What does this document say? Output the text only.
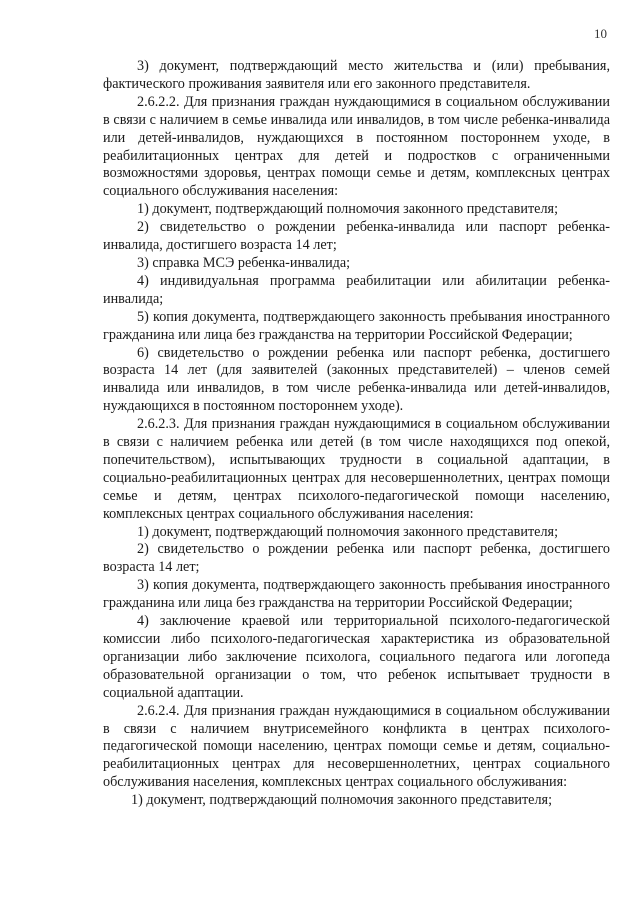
10

3) документ, подтверждающий место жительства и (или) пребывания, фактического проживания заявителя или его законного представителя.

2.6.2.2. Для признания граждан нуждающимися в социальном обслуживании в связи с наличием в семье инвалида или инвалидов, в том числе ребенка-инвалида или детей-инвалидов, нуждающихся в постоянном постороннем уходе, в реабилитационных центрах для детей и подростков с ограниченными возможностями здоровья, центрах помощи семье и детям, комплексных центрах социального обслуживания населения:

1) документ, подтверждающий полномочия законного представителя;

2) свидетельство о рождении ребенка-инвалида или паспорт ребенка-инвалида, достигшего возраста 14 лет;

3) справка МСЭ ребенка-инвалида;

4) индивидуальная программа реабилитации или абилитации ребенка-инвалида;

5) копия документа, подтверждающего законность пребывания иностранного гражданина или лица без гражданства на территории Российской Федерации;

6) свидетельство о рождении ребенка или паспорт ребенка, достигшего возраста 14 лет (для заявителей (законных представителей) – членов семей инвалида или инвалидов, в том числе ребенка-инвалида или детей-инвалидов, нуждающихся в постоянном постороннем уходе).

2.6.2.3. Для признания граждан нуждающимися в социальном обслуживании в связи с наличием ребенка или детей (в том числе находящихся под опекой, попечительством), испытывающих трудности в социальной адаптации, в социально-реабилитационных центрах для несовершеннолетних, центрах помощи семье и детям, центрах психолого-педагогической помощи населению, комплексных центрах социального обслуживания населения:

1) документ, подтверждающий полномочия законного представителя;

2) свидетельство о рождении ребенка или паспорт ребенка, достигшего возраста 14 лет;

3) копия документа, подтверждающего законность пребывания иностранного гражданина или лица без гражданства на территории Российской Федерации;

4) заключение краевой или территориальной психолого-педагогической комиссии либо психолого-педагогическая характеристика из образовательной организации либо заключение психолога, социального педагога или логопеда образовательной организации о том, что ребенок испытывает трудности в социальной адаптации.

2.6.2.4. Для признания граждан нуждающимися в социальном обслуживании в связи с наличием внутрисемейного конфликта в центрах психолого-педагогической помощи населению, центрах помощи семье и детям, социально-реабилитационных центрах для несовершеннолетних, центрах социального обслуживания населения, комплексных центрах социального обслуживания:

1) документ, подтверждающий полномочия законного представителя;
